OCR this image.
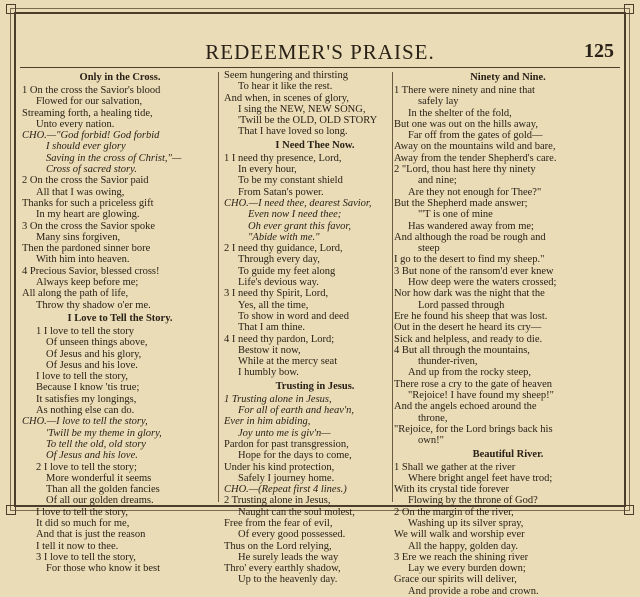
REDEEMER'S PRAISE.	125
Only in the Cross.
1 On the cross the Savior's blood
Flowed for our salvation,
Streaming forth, a healing tide,
Unto every nation.
CHO.—"God forbid! God forbid
I should ever glory
Saving in the cross of Christ,"—
Cross of sacred story.
2 On the cross the Savior paid
All that I was owing,
Thanks for such a priceless gift
In my heart are glowing.
3 On the cross the Savior spoke
Many sins forgiven,
Then the pardoned sinner bore
With him into heaven.
4 Precious Savior, blessed cross!
Always keep before me;
All along the path of life,
Throw thy shadow o'er me.
I Love to Tell the Story.
1 I love to tell the story
Of unseen things above,
Of Jesus and his glory,
Of Jesus and his love.
I love to tell the story,
Because I know 'tis true;
It satisfies my longings,
As nothing else can do.
CHO.—I love to tell the story,
'Twill be my theme in glory,
To tell the old, old story
Of Jesus and his love.
2 I love to tell the story;
More wonderful it seems
Than all the golden fancies
Of all our golden dreams.
I love to tell the story,
It did so much for me,
And that is just the reason
I tell it now to thee.
3 I love to tell the story,
For those who know it best
Seem hungering and thirsting
To hear it like the rest.
And when, in scenes of glory,
I sing the NEW, NEW SONG,
'Twill be the OLD, OLD STORY
That I have loved so long.
I Need Thee Now.
1 I need thy presence, Lord,
In every hour,
To be my constant shield
From Satan's power.
CHO.—I need thee, dearest Savior,
Even now I need thee;
Oh ever grant this favor,
"Abide with me."
2 I need thy guidance, Lord,
Through every day,
To guide my feet along
Life's devious way.
3 I need thy Spirit, Lord,
Yes, all the time,
To show in word and deed
That I am thine.
4 I need thy pardon, Lord;
Bestow it now,
While at the mercy seat
I humbly bow.
Trusting in Jesus.
1 Trusting alone in Jesus,
For all of earth and heav'n,
Ever in him abiding,
Joy unto me is giv'n—
Pardon for past transgression,
Hope for the days to come,
Under his kind protection,
Safely I journey home.
CHO.—(Repeat first 4 lines.)
2 Trusting alone in Jesus,
Naught can the soul molest,
Free from the fear of evil,
Of every good possessed.
Thus on the Lord relying,
He surely leads the way
Thro' every earthly shadow,
Up to the heavenly day.
Ninety and Nine.
1 There were ninety and nine that
safely lay
In the shelter of the fold,
But one was out on the hills away,
Far off from the gates of gold—
Away on the mountains wild and bare,
Away from the tender Shepherd's care.
2 "Lord, thou hast here thy ninety
and nine;
Are they not enough for Thee?"
But the Shepherd made answer;
"'T is one of mine
Has wandered away from me;
And although the road be rough and
steep
I go to the desert to find my sheep."
3 But none of the ransom'd ever knew
How deep were the waters crossed;
Nor how dark was the night that the
Lord passed through
Ere he found his sheep that was lost.
Out in the desert he heard its cry—
Sick and helpless, and ready to die.
4 But all through the mountains,
thunder-riven,
And up from the rocky steep,
There rose a cry to the gate of heaven
"Rejoice! I have found my sheep!"
And the angels echoed around the
throne,
"Rejoice, for the Lord brings back his
own!"
Beautiful River.
1 Shall we gather at the river
Where bright angel feet have trod;
With its crystal tide forever
Flowing by the throne of God?
2 On the margin of the river,
Washing up its silver spray,
We will walk and worship ever
All the happy, golden day.
3 Ere we reach the shining river
Lay we every burden down;
Grace our spirits will deliver,
And provide a robe and crown.
